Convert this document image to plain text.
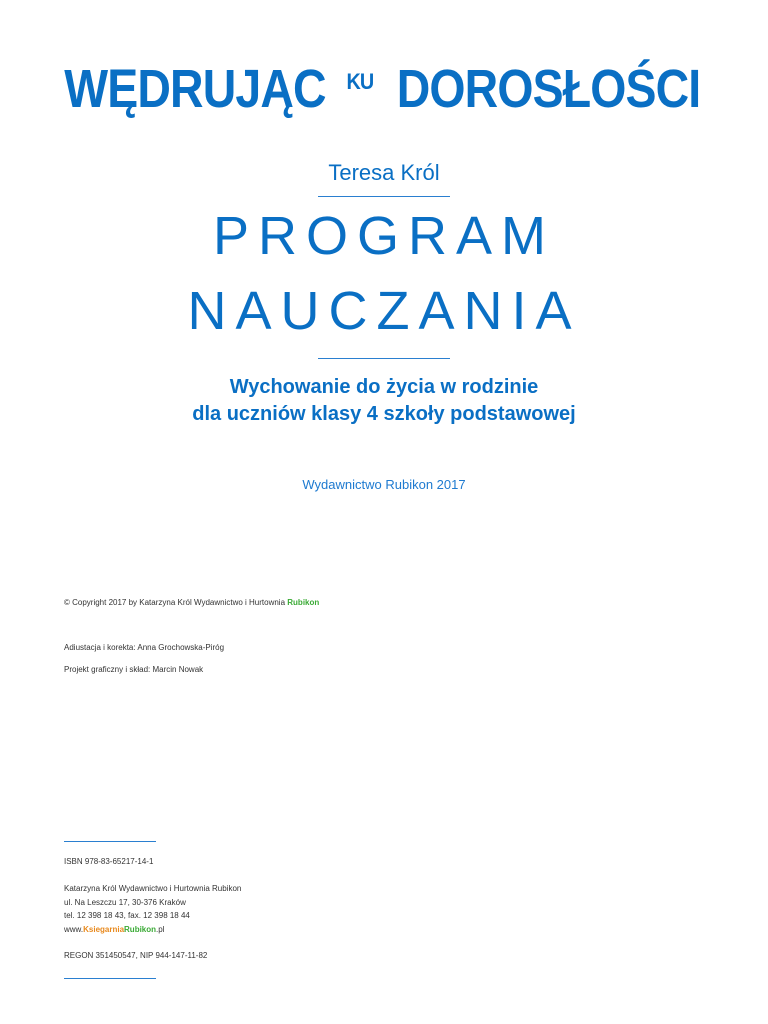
WĘDRUJĄC KU DOROSŁOŚCI
Teresa Król
PROGRAM
NAUCZANIA
Wychowanie do życia w rodzinie
dla uczniów klasy 4 szkoły podstawowej
Wydawnictwo Rubikon 2017
© Copyright 2017 by Katarzyna Król Wydawnictwo i Hurtownia Rubikon
Adiustacja i korekta: Anna Grochowska-Piróg
Projekt graficzny i skład: Marcin Nowak
ISBN 978-83-65217-14-1
Katarzyna Król Wydawnictwo i Hurtownia Rubikon
ul. Na Leszczu 17, 30-376 Kraków
tel. 12 398 18 43, fax. 12 398 18 44
www.KsiegarniaRubikon.pl
REGON 351450547, NIP 944-147-11-82
